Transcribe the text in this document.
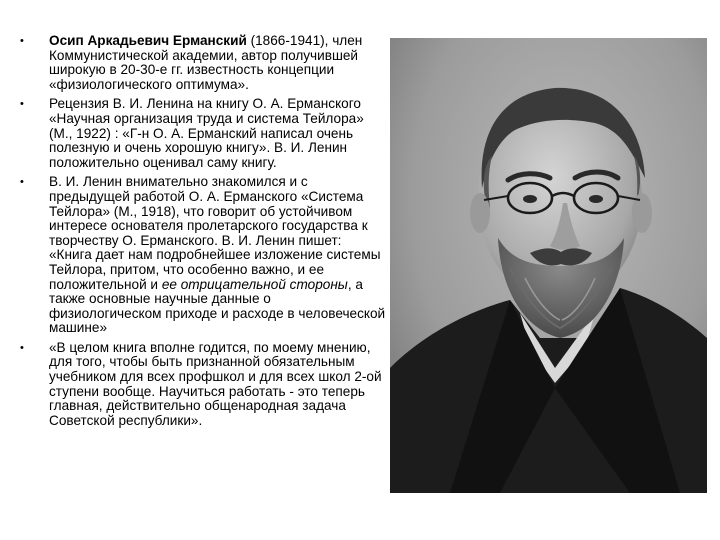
• Осип Аркадьевич Ерманский (1866-1941), член Коммунистической академии, автор получившей широкую в 20-30-е гг. известность концепции «физиологического оптимума».
• Рецензия В. И. Ленина на книгу О. А. Ерманского «Научная организация труда и система Тейлора» (М., 1922) : «Г-н О. А. Ерманский написал очень полезную и очень хорошую книгу». В. И. Ленин положительно оценивал саму книгу.
• В. И. Ленин внимательно знакомился и с предыдущей работой О. А. Ерманского «Система Тейлора» (М., 1918), что говорит об устойчивом интересе основателя пролетарского государства к творчеству О. Ерманского. В. И. Ленин пишет: «Книга дает нам подробнейшее изложение системы Тейлора, притом, что особенно важно, и ее положительной и ее отрицательной стороны, а также основные научные данные о физиологическом приходе и расходе в человеческой машине»
• «В целом книга вполне годится, по моему мнению, для того, чтобы быть признанной обязательным учебником для всех профшкол и для всех школ 2-ой ступени вообще. Научиться работать - это теперь главная, действительно общенародная задача Советской республики».
